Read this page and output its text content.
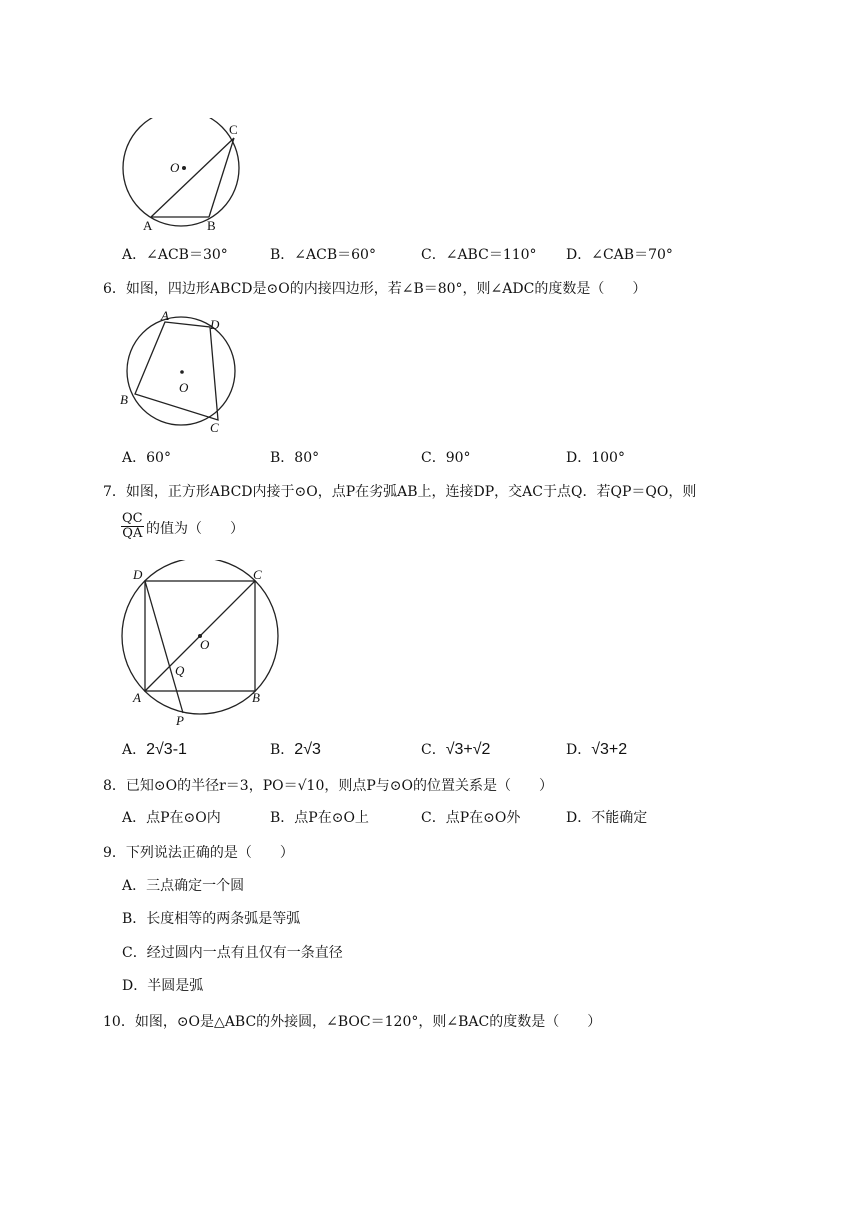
O
A	B
C
A．∠ACB＝30°	B．∠ACB＝60°	C．∠ABC＝110° D．∠CAB＝70°
6．如图，四边形ABCD是⊙O的内接四边形，若∠B＝80°，则∠ADC的度数是（　　）
A
D
B
C
O
A．60°	B．80°	C．90°	D．100°
7．如图，正方形ABCD内接于⊙O，点P在劣弧AB上，连接DP，交AC于点Q．若QP＝QO，则
$\frac{QC}{QA}$ 的值为（　　）
D	C
O
Q
A	B
P
A．2√3-1	B．2√3	C．√3+√2	D．√3+2
8．已知⊙O的半径r＝3，PO＝√10，则点P与⊙O的位置关系是（　　）
A．点P在⊙O内	B．点P在⊙O上	C．点P在⊙O外	D．不能确定
9．下列说法正确的是（　　）
A．三点确定一个圆
B．长度相等的两条弧是等弧
C．经过圆内一点有且仅有一条直径
D．半圆是弧
10．如图，⊙O是△ABC的外接圆，∠BOC＝120°，则∠BAC的度数是（　　）
